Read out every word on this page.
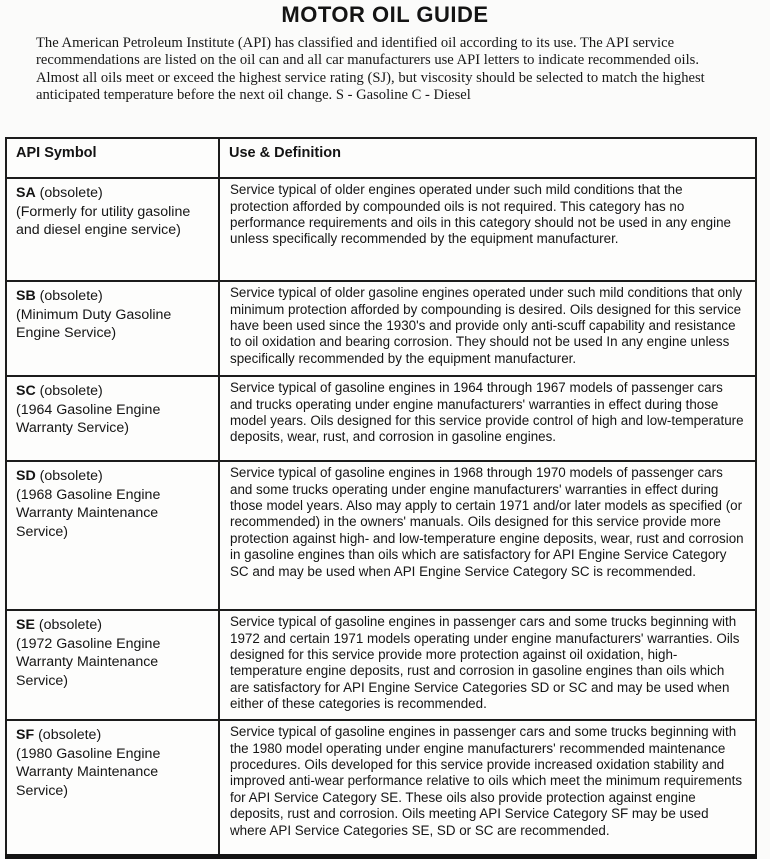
MOTOR OIL GUIDE

The American Petroleum Institute (API) has classified and identified oil according to its use. The API service recommendations are listed on the oil can and all car manufacturers use API letters to indicate recommended oils. Almost all oils meet or exceed the highest service rating (SJ), but viscosity should be selected to match the highest anticipated temperature before the next oil change. S - Gasoline C - Diesel

API Symbol	Use & Definition
SA (obsolete)
(Formerly for utility gasoline and diesel engine service)	Service typical of older engines operated under such mild conditions that the protection afforded by compounded oils is not required. This category has no performance requirements and oils in this category should not be used in any engine unless specifically recommended by the equipment manufacturer.
SB (obsolete)
(Minimum Duty Gasoline Engine Service)	Service typical of older gasoline engines operated under such mild conditions that only minimum protection afforded by compounding is desired. Oils designed for this service have been used since the 1930's and provide only anti-scuff capability and resistance to oil oxidation and bearing corrosion. They should not be used In any engine unless specifically recommended by the equipment manufacturer.
SC (obsolete)
(1964 Gasoline Engine Warranty Service)	Service typical of gasoline engines in 1964 through 1967 models of passenger cars and trucks operating under engine manufacturers' warranties in effect during those model years. Oils designed for this service provide control of high and low-temperature deposits, wear, rust, and corrosion in gasoline engines.
SD (obsolete)
(1968 Gasoline Engine Warranty Maintenance Service)	Service typical of gasoline engines in 1968 through 1970 models of passenger cars and some trucks operating under engine manufacturers' warranties in effect during those model years. Also may apply to certain 1971 and/or later models as specified (or recommended) in the owners' manuals. Oils designed for this service provide more protection against high- and low-temperature engine deposits, wear, rust and corrosion in gasoline engines than oils which are satisfactory for API Engine Service Category SC and may be used when API Engine Service Category SC is recommended.
SE (obsolete)
(1972 Gasoline Engine Warranty Maintenance Service)	Service typical of gasoline engines in passenger cars and some trucks beginning with 1972 and certain 1971 models operating under engine manufacturers' warranties. Oils designed for this service provide more protection against oil oxidation, high-temperature engine deposits, rust and corrosion in gasoline engines than oils which are satisfactory for API Engine Service Categories SD or SC and may be used when either of these categories is recommended.
SF (obsolete)
(1980 Gasoline Engine Warranty Maintenance Service)	Service typical of gasoline engines in passenger cars and some trucks beginning with the 1980 model operating under engine manufacturers' recommended maintenance procedures. Oils developed for this service provide increased oxidation stability and improved anti-wear performance relative to oils which meet the minimum requirements for API Service Category SE. These oils also provide protection against engine deposits, rust and corrosion. Oils meeting API Service Category SF may be used where API Service Categories SE, SD or SC are recommended.
